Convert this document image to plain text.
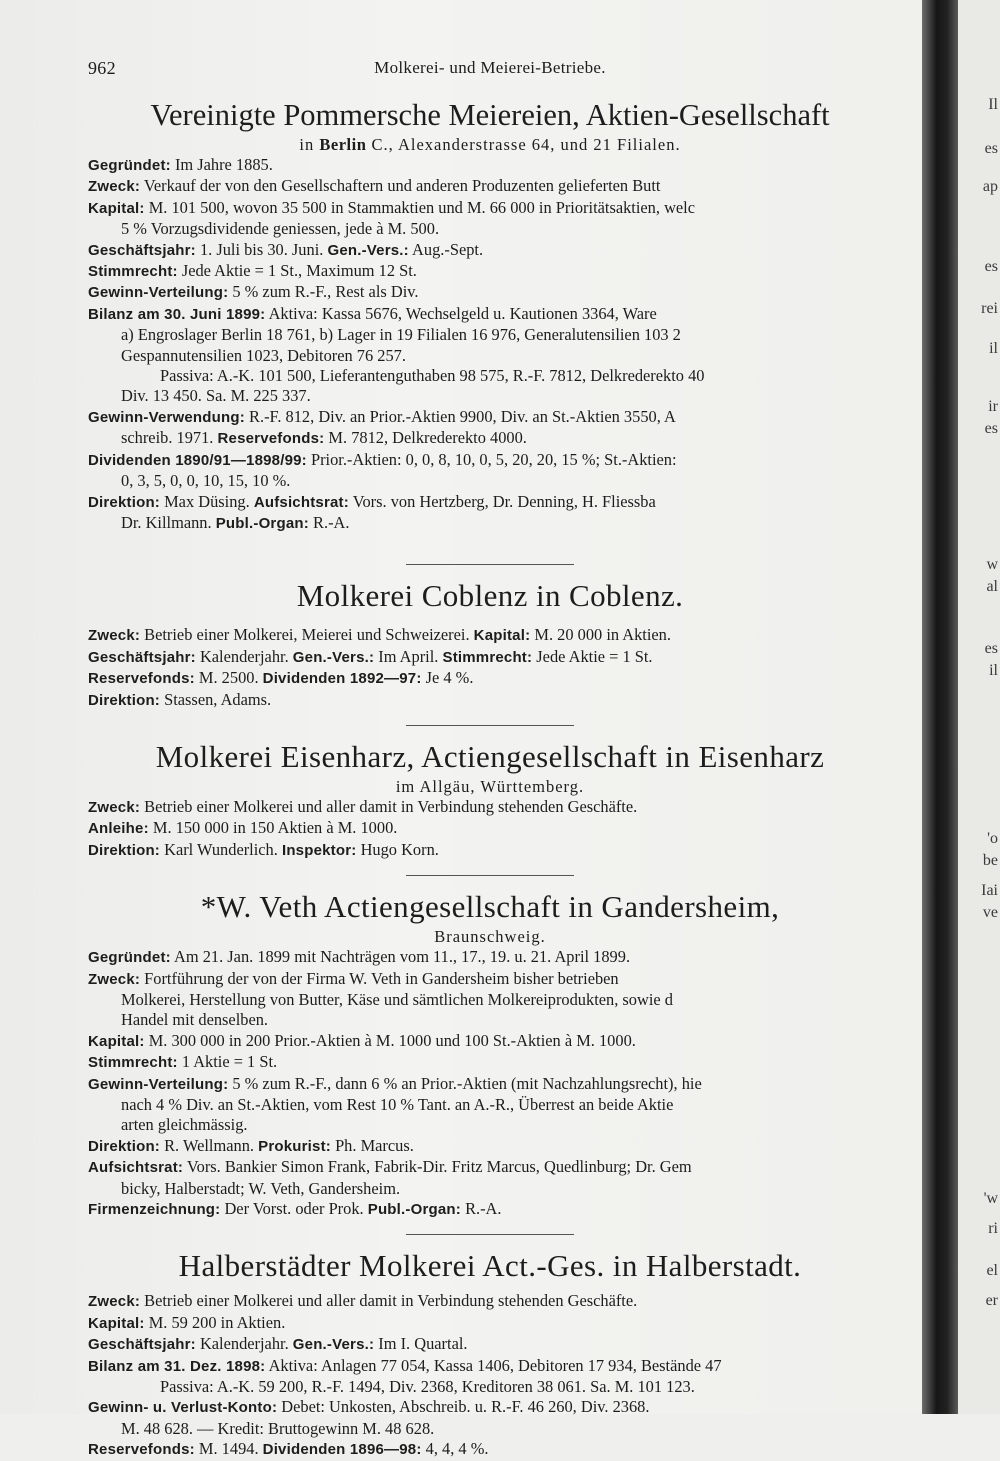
962	Molkerei- und Meierei-Betriebe.
Vereinigte Pommersche Meiereien, Aktien-Gesellschaft
in Berlin C., Alexanderstrasse 64, und 21 Filialen.
Gegründet: Im Jahre 1885.
Zweck: Verkauf der von den Gesellschaftern und anderen Produzenten gelieferten Butt
Kapital: M. 101 500, wovon 35 500 in Stammaktien und M. 66 000 in Prioritätsaktien, welc
5 % Vorzugsdividende geniessen, jede à M. 500.
Geschäftsjahr: 1. Juli bis 30. Juni. Gen.-Vers.: Aug.-Sept.
Stimmrecht: Jede Aktie = 1 St., Maximum 12 St.
Gewinn-Verteilung: 5 % zum R.-F., Rest als Div.
Bilanz am 30. Juni 1899: Aktiva: Kassa 5676, Wechselgeld u. Kautionen 3364, Ware
a) Engroslager Berlin 18 761, b) Lager in 19 Filialen 16 976, Generalutensilien 103 2
Gespannutensilien 1023, Debitoren 76 257.
Passiva: A.-K. 101 500, Lieferantenguthaben 98 575, R.-F. 7812, Delkrederekto 40
Div. 13 450. Sa. M. 225 337.
Gewinn-Verwendung: R.-F. 812, Div. an Prior.-Aktien 9900, Div. an St.-Aktien 3550, A
schreib. 1971. Reservefonds: M. 7812, Delkrederekto 4000.
Dividenden 1890/91—1898/99: Prior.-Aktien: 0, 0, 8, 10, 0, 5, 20, 20, 15 %; St.-Aktien:
0, 3, 5, 0, 0, 10, 15, 10 %.
Direktion: Max Düsing. Aufsichtsrat: Vors. von Hertzberg, Dr. Denning, H. Fliessba
Dr. Killmann. Publ.-Organ: R.-A.
Molkerei Coblenz in Coblenz.
Zweck: Betrieb einer Molkerei, Meierei und Schweizerei. Kapital: M. 20 000 in Aktien.
Geschäftsjahr: Kalenderjahr. Gen.-Vers.: Im April. Stimmrecht: Jede Aktie = 1 St.
Reservefonds: M. 2500. Dividenden 1892—97: Je 4 %.
Direktion: Stassen, Adams.
Molkerei Eisenharz, Actiengesellschaft in Eisenharz
im Allgäu, Württemberg.
Zweck: Betrieb einer Molkerei und aller damit in Verbindung stehenden Geschäfte.
Anleihe: M. 150 000 in 150 Aktien à M. 1000.
Direktion: Karl Wunderlich. Inspektor: Hugo Korn.
*W. Veth Actiengesellschaft in Gandersheim,
Braunschweig.
Gegründet: Am 21. Jan. 1899 mit Nachträgen vom 11., 17., 19. u. 21. April 1899.
Zweck: Fortführung der von der Firma W. Veth in Gandersheim bisher betrieben
Molkerei, Herstellung von Butter, Käse und sämtlichen Molkereiprodukten, sowie d
Handel mit denselben.
Kapital: M. 300 000 in 200 Prior.-Aktien à M. 1000 und 100 St.-Aktien à M. 1000.
Stimmrecht: 1 Aktie = 1 St.
Gewinn-Verteilung: 5 % zum R.-F., dann 6 % an Prior.-Aktien (mit Nachzahlungsrecht), hie
nach 4 % Div. an St.-Aktien, vom Rest 10 % Tant. an A.-R., Überrest an beide Aktie
arten gleichmässig.
Direktion: R. Wellmann. Prokurist: Ph. Marcus.
Aufsichtsrat: Vors. Bankier Simon Frank, Fabrik-Dir. Fritz Marcus, Quedlinburg; Dr. Gem
bicky, Halberstadt; W. Veth, Gandersheim.
Firmenzeichnung: Der Vorst. oder Prok. Publ.-Organ: R.-A.
Halberstädter Molkerei Act.-Ges. in Halberstadt.
Zweck: Betrieb einer Molkerei und aller damit in Verbindung stehenden Geschäfte.
Kapital: M. 59 200 in Aktien.
Geschäftsjahr: Kalenderjahr. Gen.-Vers.: Im I. Quartal.
Bilanz am 31. Dez. 1898: Aktiva: Anlagen 77 054, Kassa 1406, Debitoren 17 934, Bestände 47
Passiva: A.-K. 59 200, R.-F. 1494, Div. 2368, Kreditoren 38 061. Sa. M. 101 123.
Gewinn- u. Verlust-Konto: Debet: Unkosten, Abschreib. u. R.-F. 46 260, Div. 2368.
M. 48 628. — Kredit: Bruttogewinn M. 48 628.
Reservefonds: M. 1494. Dividenden 1896—98: 4, 4, 4 %.
Il
es
ap
es
rei
il
ir
es
w
al
es
il
'o
be
Iai
ve
'w
ri
el
er
